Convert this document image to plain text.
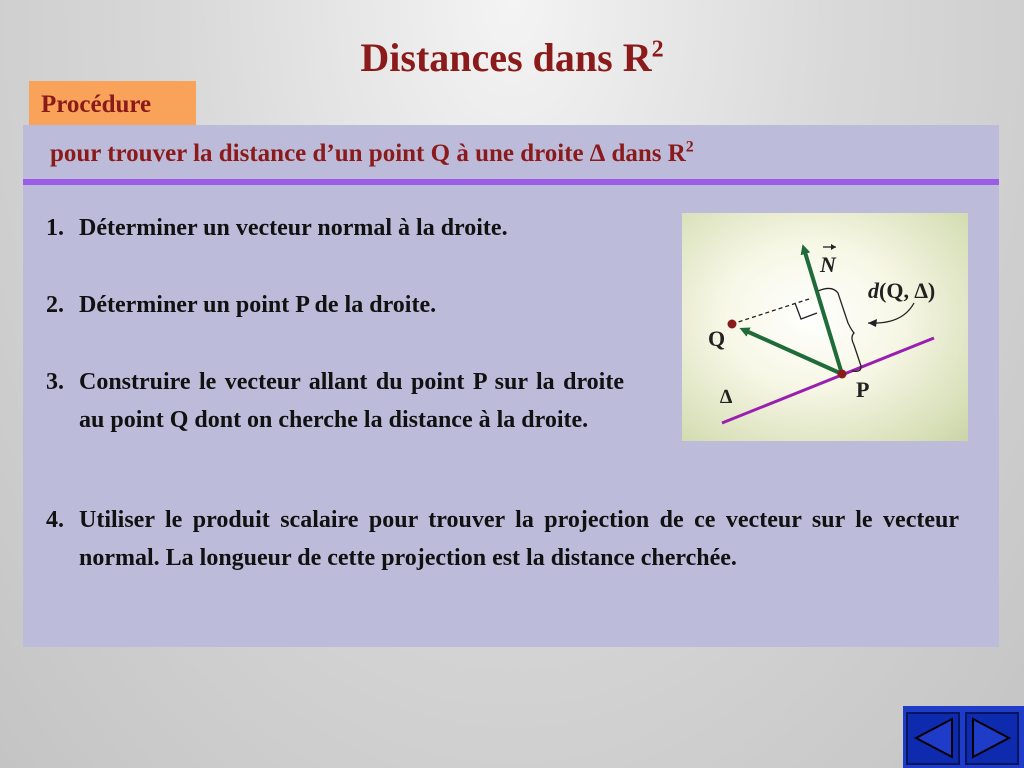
Distances dans $R^2$
Procédure
pour trouver la distance d’un point Q à une droite ∆ dans $R^2$
1. Déterminer un vecteur normal à la droite.
2. Déterminer un point P de la droite.
3. Construire le vecteur allant du point P sur la droite au point Q dont on cherche la distance à la droite.
4. Utiliser le produit scalaire pour trouver la projection de ce vecteur sur le vecteur normal. La longueur de cette projection est la distance cherchée.
N
Q
P
∆
d(Q, ∆)
